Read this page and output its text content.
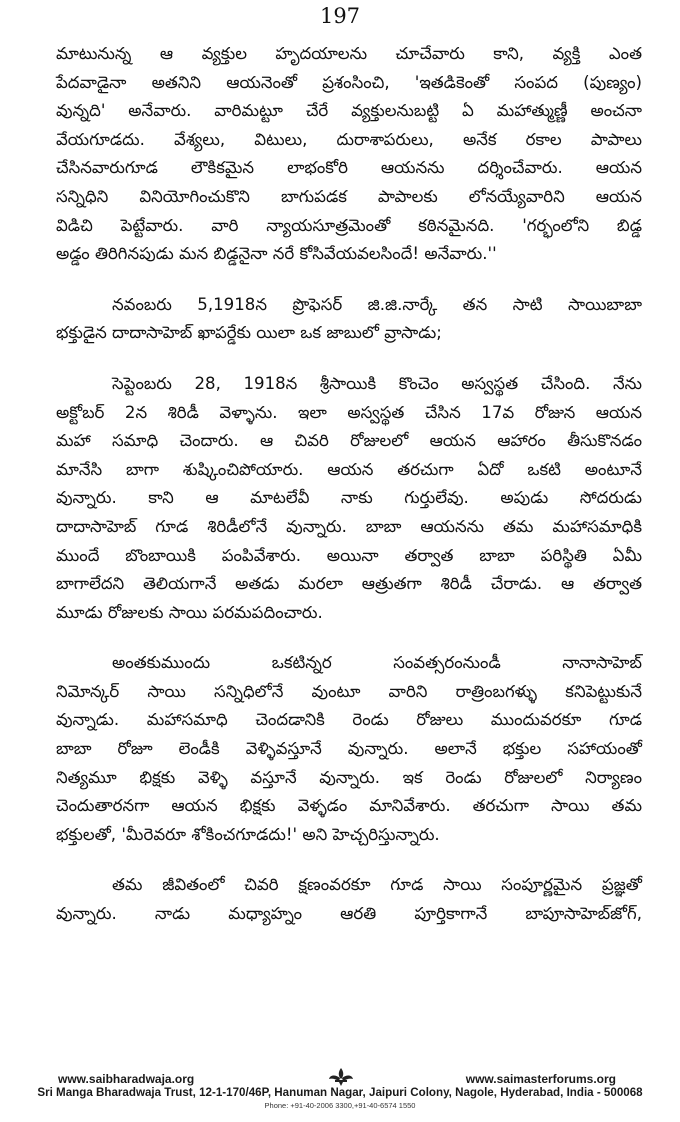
197

మాటునున్న ఆ వ్యక్తుల హృదయాలను చూచేవారు కాని, వ్యక్తి ఎంత
పేదవాడైనా అతనిని ఆయనెంతో ప్రశంసించి, 'ఇతడికెంతో సంపద (పుణ్యం)
వున్నది' అనేవారు. వారిమట్టూ చేరే వ్యక్తులనుబట్టి ఏ మహాత్ముణ్ణీ అంచనా
వేయగూడదు. వేశ్యలు, విటులు, దురాశాపరులు, అనేక రకాల పాపాలు
చేసినవారుగూడ లౌకికమైన లాభంకోరి ఆయనను దర్శించేవారు. ఆయన
సన్నిధిని వినియోగించుకొని బాగుపడక పాపాలకు లోనయ్యేవారిని ఆయన
విడిచి పెట్టేవారు. వారి న్యాయసూత్రమెంతో కఠినమైనది. 'గర్భంలోని బిడ్డ
అడ్డం తిరిగినపుడు మన బిడ్డనైనా నరే కోసివేయవలసిందే! అనేవారు.''

నవంబరు 5,1918న ప్రొఫెసర్ జి.జి.నార్కే తన సాటి సాయిబాబా
భక్తుడైన దాదాసాహెబ్ ఖాపర్డేకు యిలా ఒక జాబులో వ్రాసాడు;

సెప్టెంబరు 28, 1918న శ్రీసాయికి కొంచెం అస్వస్థత చేసింది. నేను
అక్టోబర్ 2న శిరిడీ వెళ్ళాను. ఇలా అస్వస్థత చేసిన 17వ రోజున ఆయన
మహా సమాధి చెందారు. ఆ చివరి రోజులలో ఆయన ఆహారం తీసుకొనడం
మానేసి బాగా శుష్కించిపోయారు. ఆయన తరచుగా ఏదో ఒకటి అంటూనే
వున్నారు. కాని ఆ మాటలేవీ నాకు గుర్తులేవు. అపుడు సోదరుడు
దాదాసాహెబ్ గూడ శిరిడీలోనే వున్నారు. బాబా ఆయనను తమ మహాసమాధికి
ముందే బొంబాయికి పంపివేశారు. అయినా తర్వాత బాబా పరిస్థితి ఏమీ
బాగాలేదని తెలియగానే అతడు మరలా ఆత్రుతగా శిరిడీ చేరాడు. ఆ తర్వాత
మూడు రోజులకు సాయి పరమపదించారు.

అంతకుముందు ఒకటిన్నర సంవత్సరంనుండీ నానాసాహెబ్
నిమోన్కర్ సాయి సన్నిధిలోనే వుంటూ వారిని రాత్రింబగళ్ళు కనిపెట్టుకునే
వున్నాడు. మహాసమాధి చెందడానికి రెండు రోజులు ముందువరకూ గూడ
బాబా రోజూ లెండీకి వెళ్ళివస్తూనే వున్నారు. అలానే భక్తుల సహాయంతో
నిత్యమూ భిక్షకు వెళ్ళి వస్తూనే వున్నారు. ఇక రెండు రోజులలో నిర్యాణం
చెందుతారనగా ఆయన భిక్షకు వెళ్ళడం మానివేశారు. తరచుగా సాయి తమ
భక్తులతో, 'మీరెవరూ శోకించగూడదు!' అని హెచ్చరిస్తున్నారు.

తమ జీవితంలో చివరి క్షణంవరకూ గూడ సాయి సంపూర్ణమైన ప్రజ్ఞతో
వున్నారు. నాడు మధ్యాహ్నం ఆరతి పూర్తికాగానే బాపూసాహెబ్‌జోగ్,

www.saibharadwaja.org	www.saimasterforums.org
Sri Manga Bharadwaja Trust, 12-1-170/46P, Hanuman Nagar, Jaipuri Colony, Nagole, Hyderabad, India - 500068
Phone: +91-40-2006 3300,+91-40-6574 1550
